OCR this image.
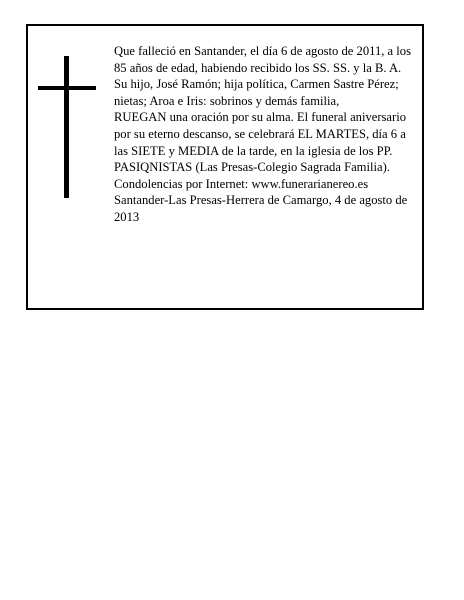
Que falleció en Santander, el día 6 de agosto de 2011, a los 85 años de edad, habiendo recibido los SS. SS. y la B. A.

Su hijo, José Ramón; hija política, Carmen Sastre Pérez; nietas; Aroa e Iris: sobrinos y demás familia,

RUEGAN una oración por su alma. El funeral aniversario por su eterno descanso, se celebrará EL MARTES, día 6 a las SIETE y MEDIA de la tarde, en la iglesia de los PP. PASIQNISTAS (Las Presas-Colegio Sagrada Familia).

Condolencias por Internet: www.funerarianereo.es

Santander-Las Presas-Herrera de Camargo, 4 de agosto de 2013
